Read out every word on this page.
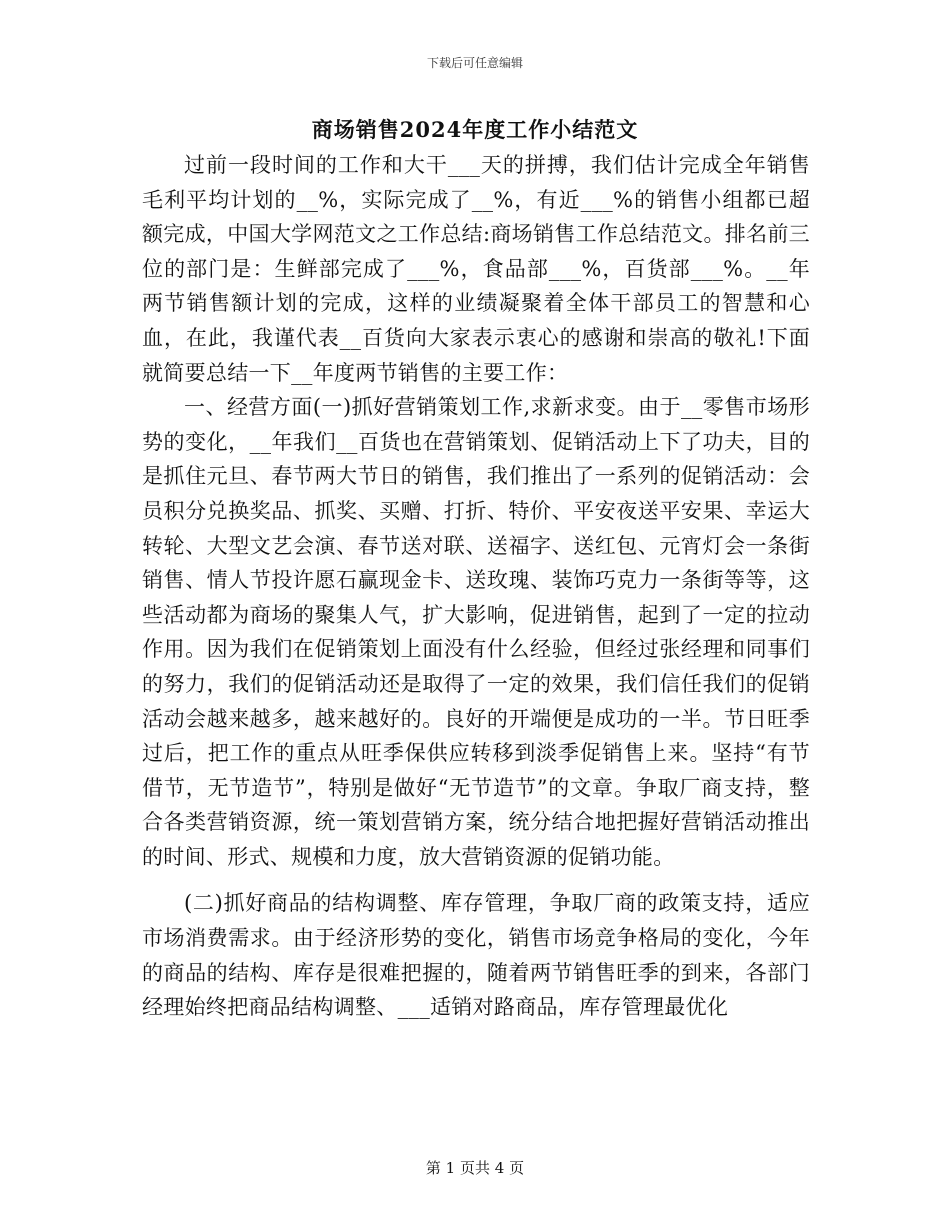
下载后可任意编辑
商场销售2024年度工作小结范文

过前一段时间的工作和大干___天的拼搏，我们估计完成全年销售毛利平均计划的__%，实际完成了__%，有近___%的销售小组都已超额完成，中国大学网范文之工作总结:商场销售工作总结范文。排名前三位的部门是：生鲜部完成了___%，食品部___%，百货部___%。__年两节销售额计划的完成，这样的业绩凝聚着全体干部员工的智慧和心血，在此，我谨代表__百货向大家表示衷心的感谢和崇高的敬礼!下面就简要总结一下__年度两节销售的主要工作：

一、经营方面(一)抓好营销策划工作,求新求变。由于__零售市场形势的变化，__年我们__百货也在营销策划、促销活动上下了功夫，目的是抓住元旦、春节两大节日的销售，我们推出了一系列的促销活动：会员积分兑换奖品、抓奖、买赠、打折、特价、平安夜送平安果、幸运大转轮、大型文艺会演、春节送对联、送福字、送红包、元宵灯会一条街销售、情人节投许愿石赢现金卡、送玫瑰、装饰巧克力一条街等等，这些活动都为商场的聚集人气，扩大影响，促进销售，起到了一定的拉动作用。因为我们在促销策划上面没有什么经验，但经过张经理和同事们的努力，我们的促销活动还是取得了一定的效果，我们信任我们的促销活动会越来越多，越来越好的。良好的开端便是成功的一半。节日旺季过后，把工作的重点从旺季保供应转移到淡季促销售上来。坚持“有节借节，无节造节”，特别是做好“无节造节”的文章。争取厂商支持，整合各类营销资源，统一策划营销方案，统分结合地把握好营销活动推出的时间、形式、规模和力度，放大营销资源的促销功能。

(二)抓好商品的结构调整、库存管理，争取厂商的政策支持，适应市场消费需求。由于经济形势的变化，销售市场竞争格局的变化，今年的商品的结构、库存是很难把握的，随着两节销售旺季的到来，各部门经理始终把商品结构调整、___适销对路商品，库存管理最优化

第 1 页共 4 页
